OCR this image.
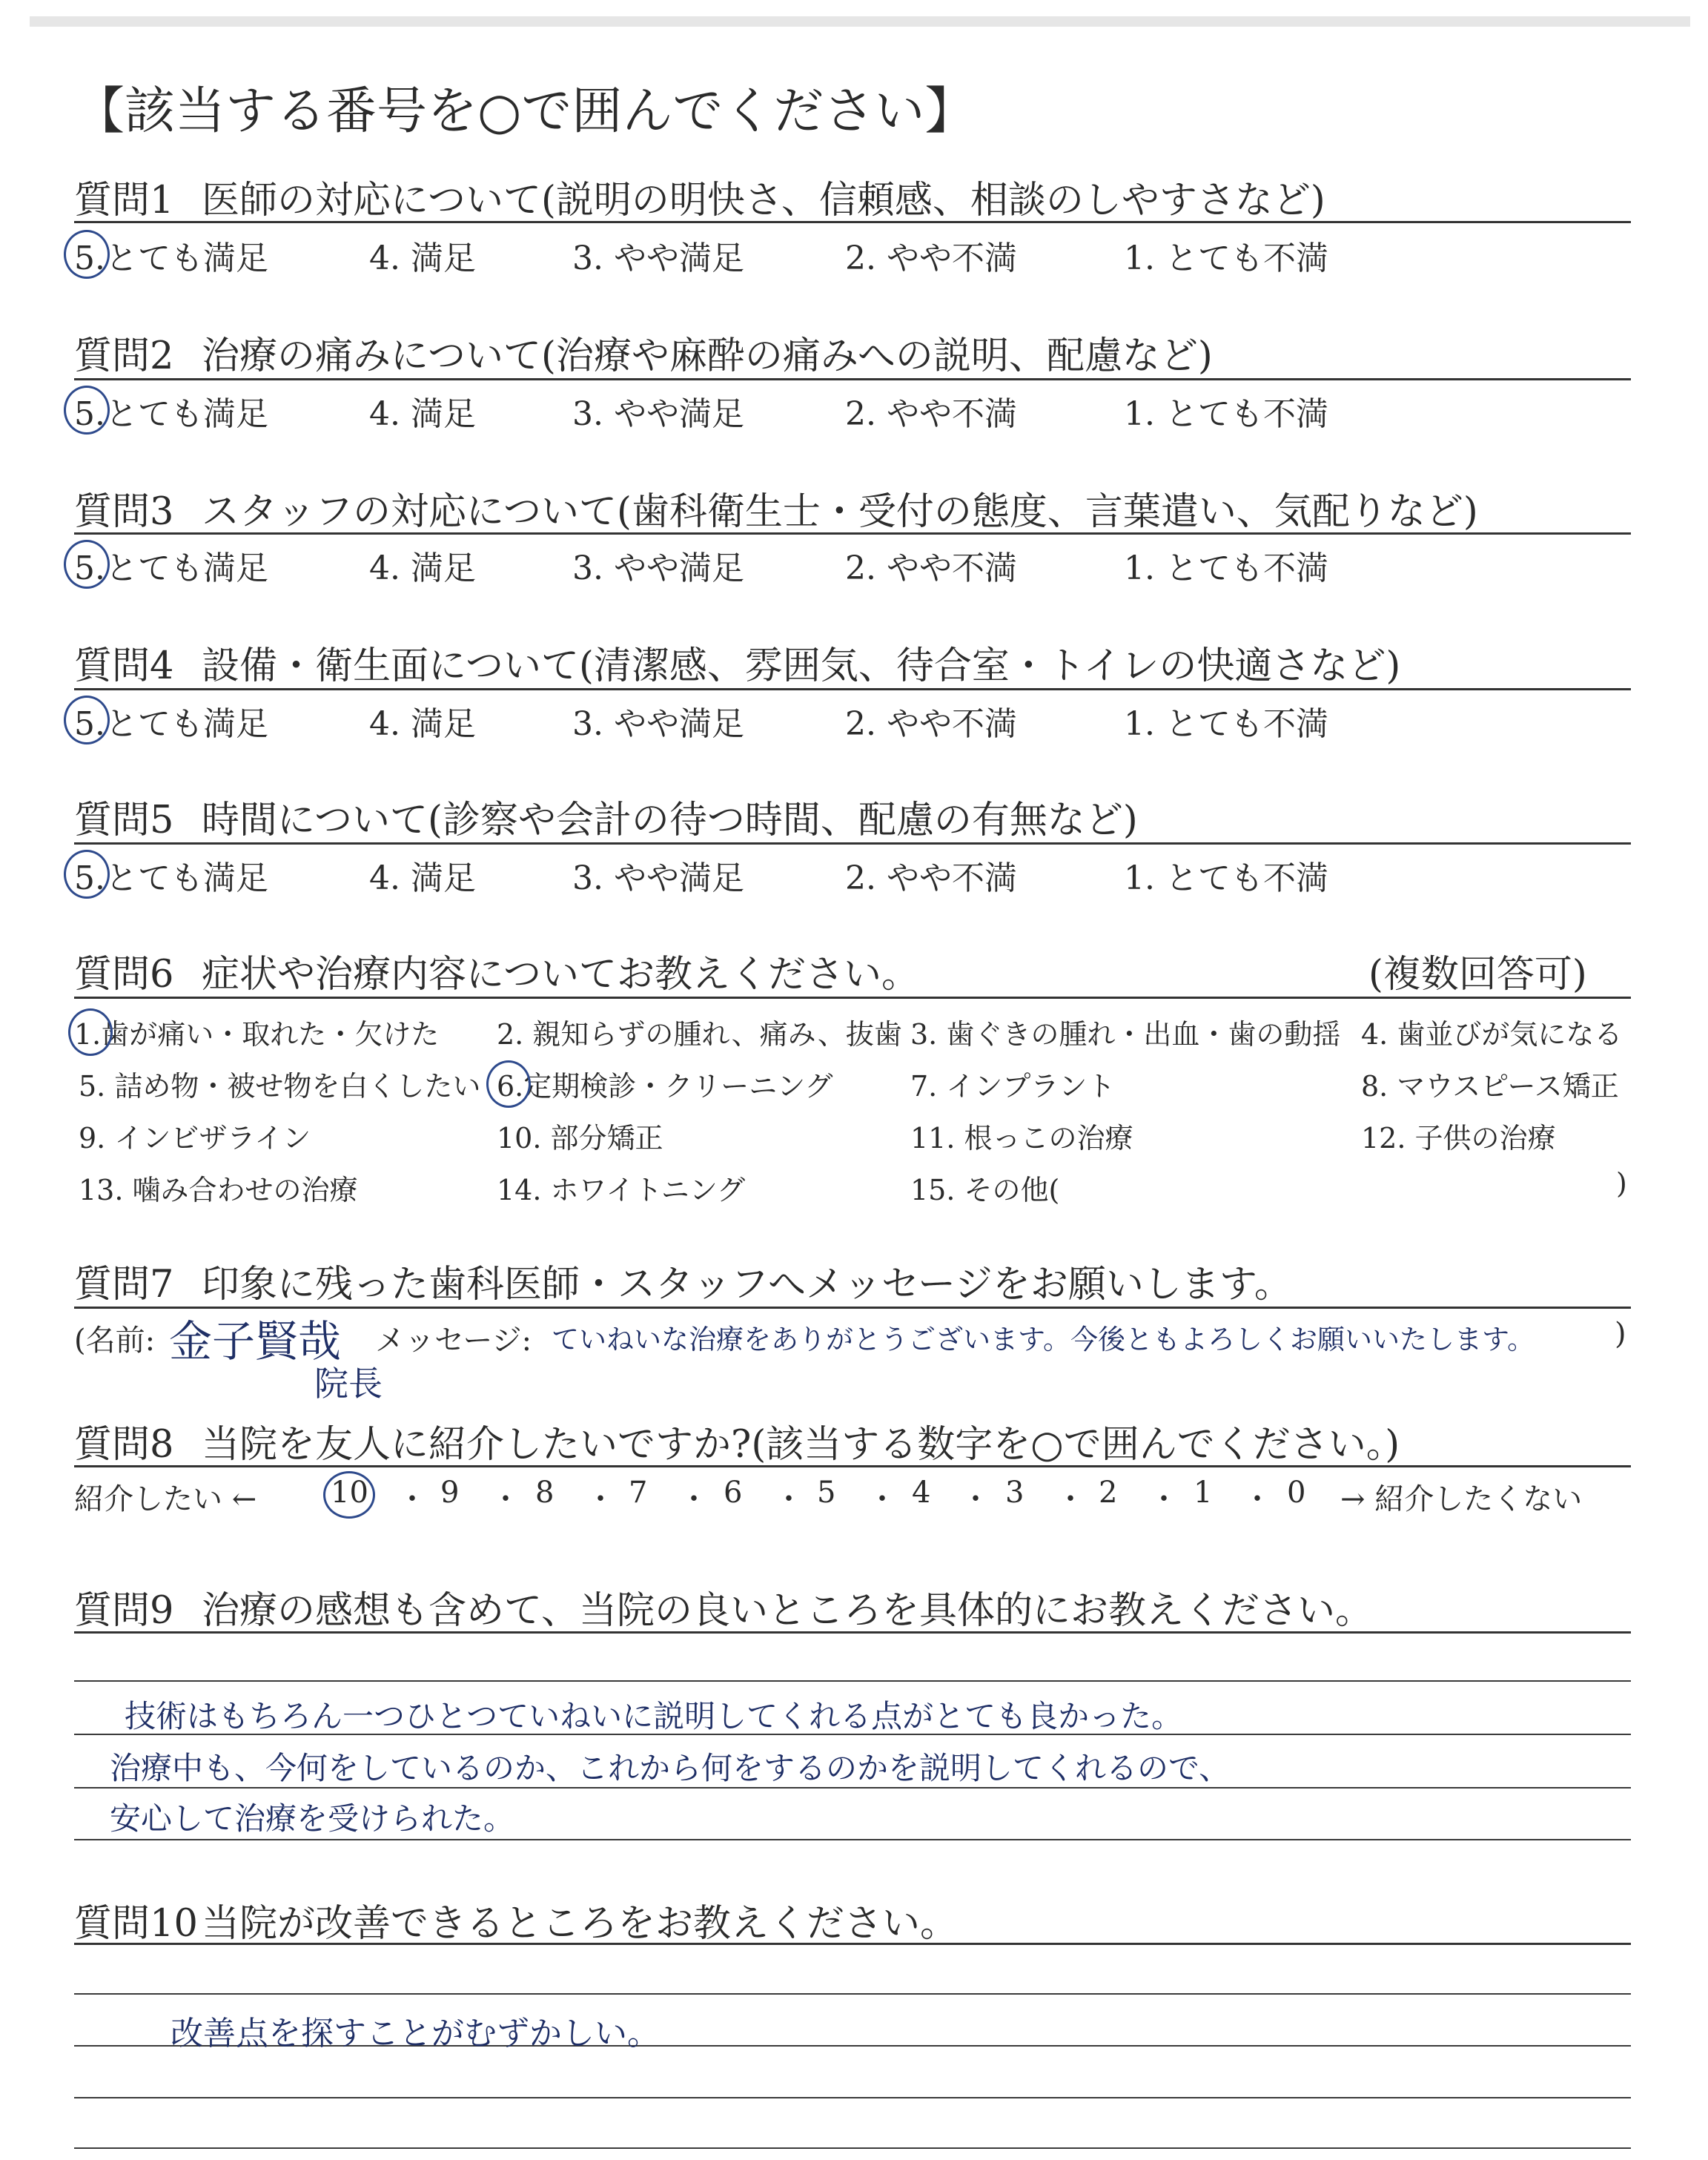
【該当する番号を○で囲んでください】
質問1 医師の対応について(説明の明快さ、信頼感、相談のしやすさなど)
5.とても満足	4. 満足	3. やや満足	2. やや不満	1. とても不満
質問2 治療の痛みについて(治療や麻酔の痛みへの説明、配慮など)
5.とても満足	4. 満足	3. やや満足	2. やや不満	1. とても不満
質問3 スタッフの対応について(歯科衛生士・受付の態度、言葉遣い、気配りなど)
5.とても満足	4. 満足	3. やや満足	2. やや不満	1. とても不満
質問4 設備・衛生面について(清潔感、雰囲気、待合室・トイレの快適さなど)
5.とても満足	4. 満足	3. やや満足	2. やや不満	1. とても不満
質問5 時間について(診察や会計の待つ時間、配慮の有無など)
5.とても満足	4. 満足	3. やや満足	2. やや不満	1. とても不満
質問6 症状や治療内容についてお教えください。	(複数回答可)
1.歯が痛い・取れた・欠けた 2. 親知らずの腫れ、痛み、抜歯 3. 歯ぐきの腫れ・出血・歯の動揺 4. 歯並びが気になる
5. 詰め物・被せ物を白くしたい 6.定期検診・クリーニング	7. インプラント	8. マウスピース矯正
9. インビザライン	10. 部分矯正	11. 根っこの治療	12. 子供の治療
13. 噛み合わせの治療	14. ホワイトニング	15. その他(	)
質問7 印象に残った歯科医師・スタッフへメッセージをお願いします。
(名前: 金子賢哉
院長
メッセージ: ていねいな治療をありがとうございます。今後ともよろしくお願いいたします。	)
質問8 当院を友人に紹介したいですか?(該当する数字を○で囲んでください。)
紹介したい ← 10 ・ 9 ・ 8 ・ 7 ・ 6 ・ 5 ・ 4 ・ 3 ・ 2 ・ 1 ・ 0 → 紹介したくない
質問9 治療の感想も含めて、当院の良いところを具体的にお教えください。
技術はもちろん一つひとつていねいに説明してくれる点がとても良かった。
治療中も、今何をしているのか、これから何をするのかを説明してくれるので、
安心して治療を受けられた。
質問10当院が改善できるところをお教えください。
改善点を探すことがむずかしい。
